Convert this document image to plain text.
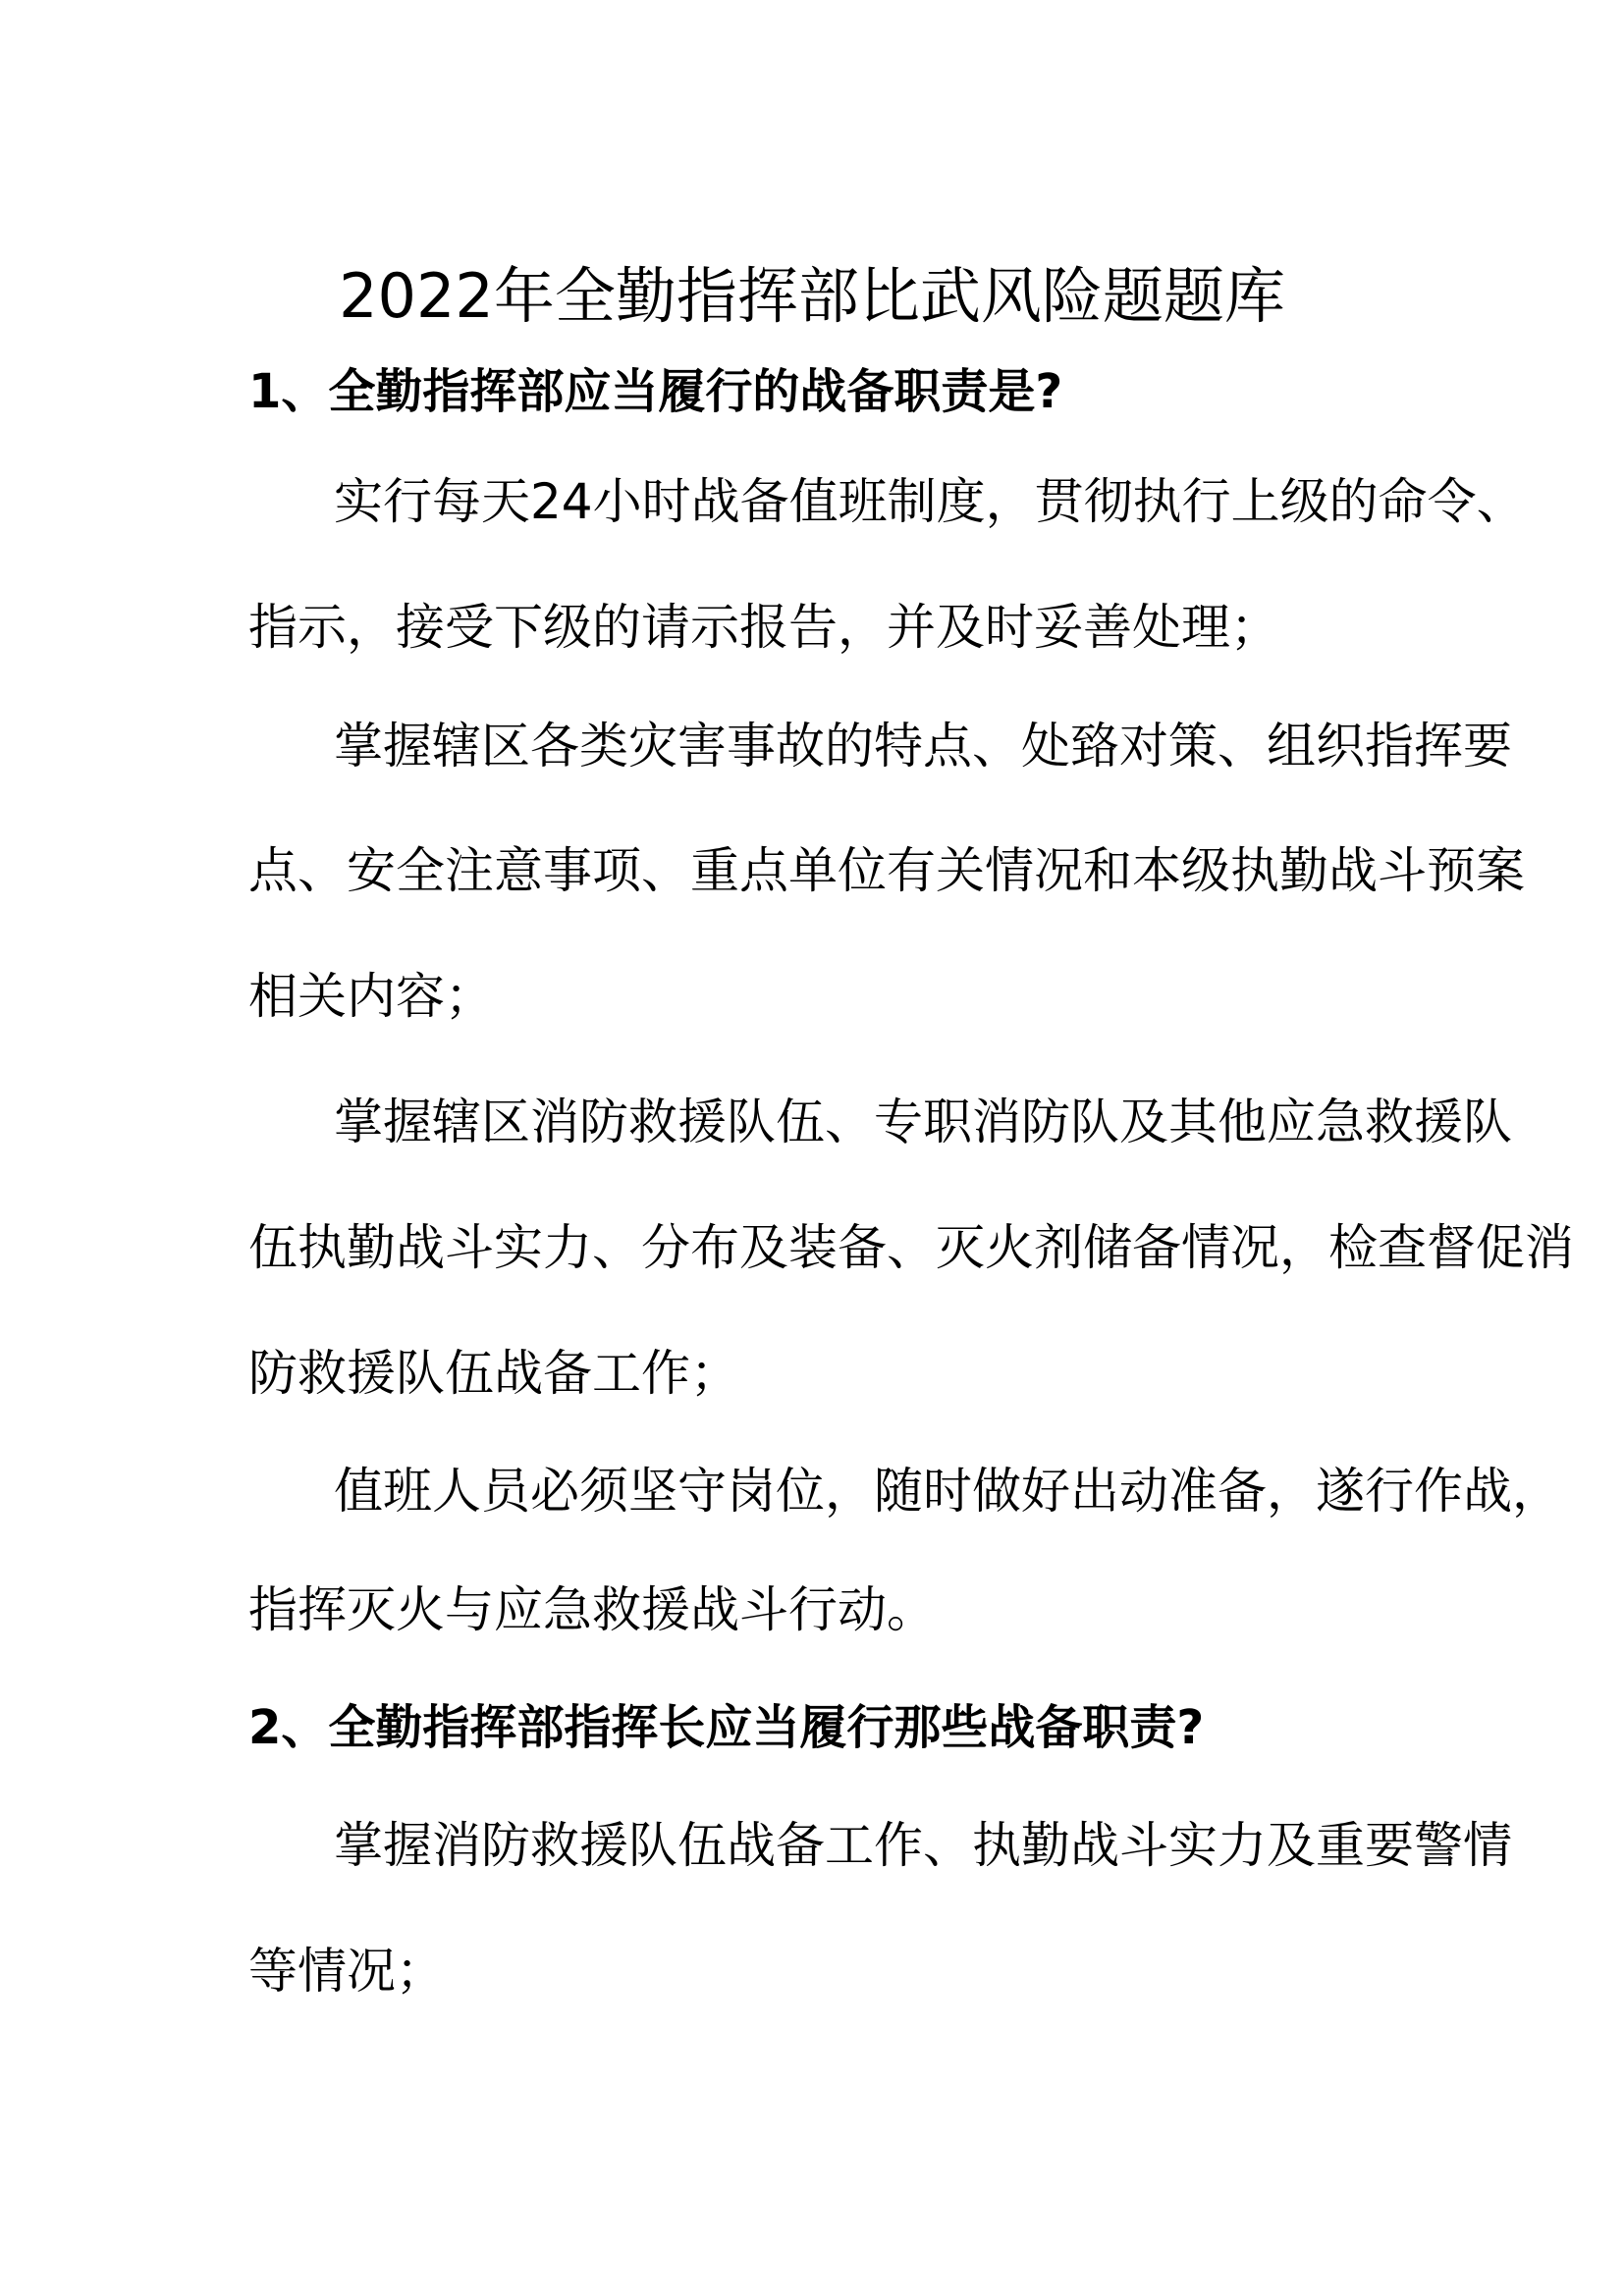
2022年全勤指挥部比武风险题题库
1、全勤指挥部应当履行的战备职责是?
实行每天24小时战备值班制度，贯彻执行上级的命令、
指示，接受下级的请示报告，并及时妥善处理；
掌握辖区各类灾害事故的特点、处臵对策、组织指挥要
点、安全注意事项、重点单位有关情况和本级执勤战斗预案
相关内容；
掌握辖区消防救援队伍、专职消防队及其他应急救援队
伍执勤战斗实力、分布及装备、灭火剂储备情况，检查督促消
防救援队伍战备工作；
值班人员必须坚守岗位，随时做好出动准备，遂行作战，
指挥灭火与应急救援战斗行动。
2、全勤指挥部指挥长应当履行那些战备职责?
掌握消防救援队伍战备工作、执勤战斗实力及重要警情
等情况；
